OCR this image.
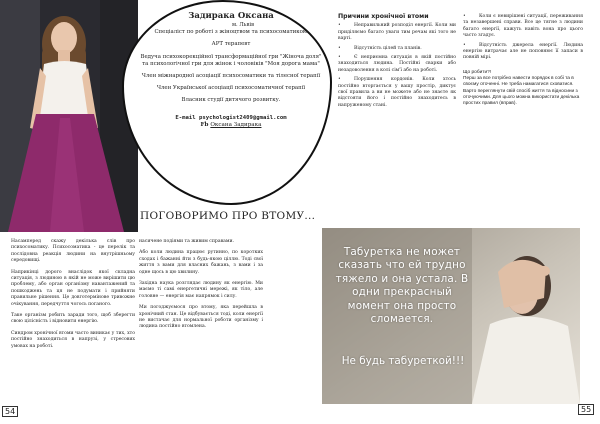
Задирака Оксана
м. Львів

Спеціаліст по роботі з жіноцтвом та психосоматикою

АРТ терапевт

Ведуча психокорекційної трансформаційної гри "Жіноча доля" та психологічної гри для жінок і чоловіків "Моя дорога мама"

Член міжнародної асоціації психосоматики та тілесної терапії

Член Української асоціації психосоматичної терапії

Власник студії дитячого розвитку.

E-mail psychologist2409@gmail.com
Fb Оксана Задирака
ПОГОВОРИМО ПРО ВТОМУ...
Причини хронічної втоми
•	Неправильний розподіл енергії. Коли ми приділяємо багато уваги тим речам які того не варті.
•	Відсутність цілей та планів.
•	Є неприємна ситуація в якій постійно знаходиться людина. Постійні сварки або незадоволення в колі сім'ї або на роботі.
•	Порушення кордонів. Коли хтось постійно вторгається у вашу простір, диктує свої правила а ви не можете або не знаєте як відстояти його і постійно знаходитесь в напруженому стані.
•	Коли є невирішені ситуації, переживання та незавершені справи. Все це тягне з людини багато енергії, кажуть навіть вона про цього часто згадує.
•	Відсутність джерела енергії. Людина енергію витрачає але не поповнює її запаси в повній мірі.
Що робити?!
Перш за все потрібно навести порядок в собі та в своєму оточенні. Не треба намагатися сховатися. Варто переглянути свій спосіб життя та відносини з оточуючими. Для цього можна використати декілька простих правил (вправ).

Насамперед скажу декілька слів про психосоматику. Психосоматика - це перелік та послідовна реакція людини на внутрішньому середовищі.

Наприкінці дорого внаслідок якої складна ситуація, з людиною в якій не може вирішити цю проблему, або орган організму навантажений та пошкоджень та ця не подумати і прийняти правильне рішення. Це довготермінове тривожне очікування, передчуття чогось поганого.

Таке організм робить заради того, щоб зберегти свою цілісність і відновити енергію.

Синдром хронічної втоми часто виникає у тих, хто постійно знаходиться в напрузі, у стресових умовах на роботі.

насичене подіями та живим справами.

Або коли людина працює рутинно, по коротких сходах і бажанні йти з будь-якою ціллю. Тоді свої життя з вами для власних бажань, з вами і за одне щось в цю хвилину.

Західна наука розглядає людину як енергію. Ми маємо ті самі енергетичні мережі, як тіло, але головне — енергія має напрямок і силу.

Ми погоджуємося про втому, яка перейшла в хронічний стан. Це відбувається тоді, коли енергії не вистачає для нормальної роботи організму і людина постійно втомлена.

Табуретка не может сказать что ей трудно тяжело и она устала. В одни прекрасный момент она просто сломается.
Не будь табуреткой!!!
54	55
